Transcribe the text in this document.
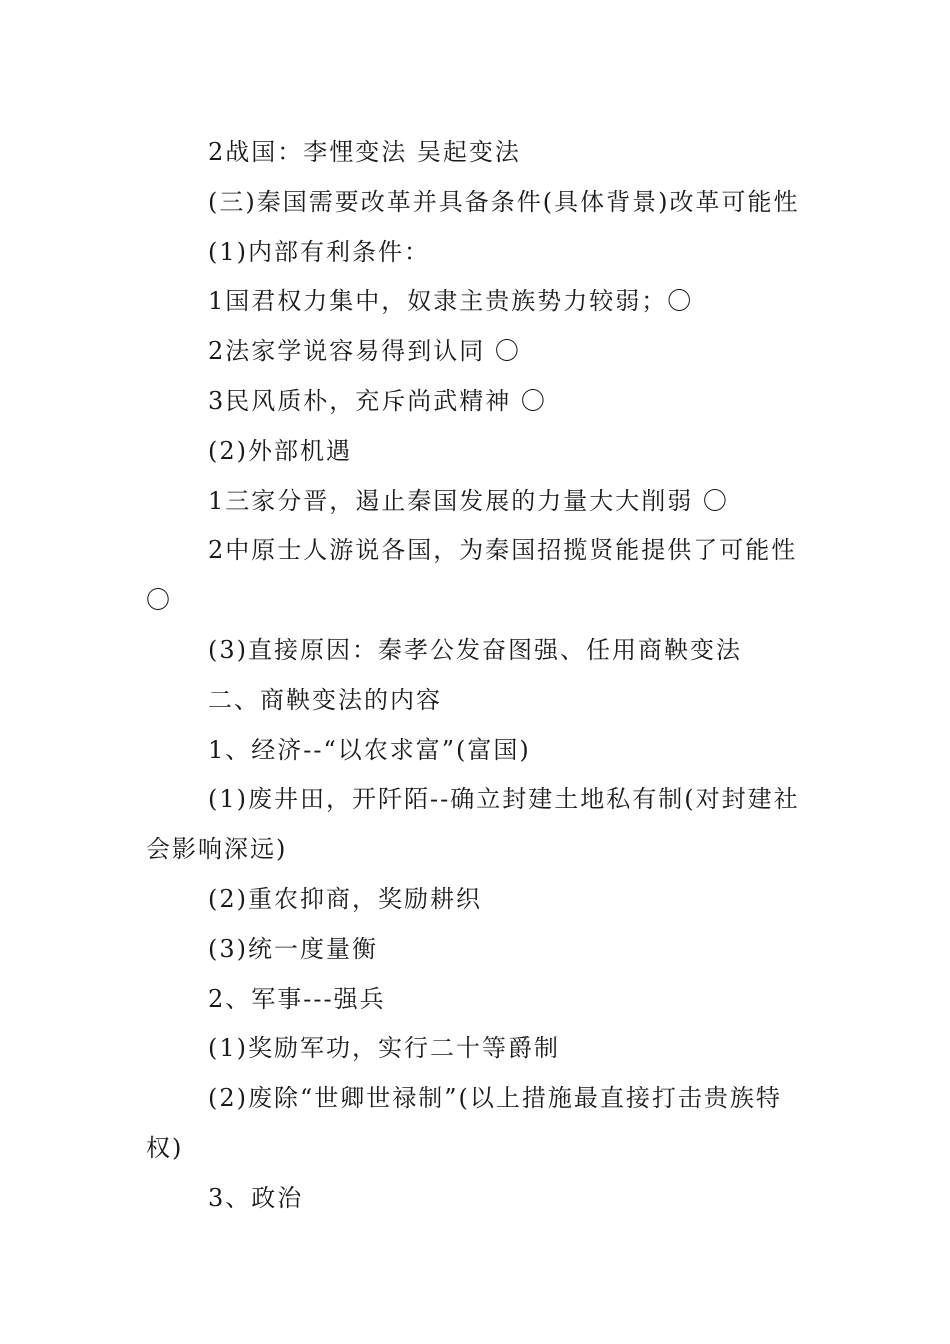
2战国：李悝变法 吴起变法

(三)秦国需要改革并具备条件(具体背景)改革可能性

(1)内部有利条件：

1国君权力集中，奴隶主贵族势力较弱；〇

2法家学说容易得到认同 〇

3民风质朴，充斥尚武精神 〇

(2)外部机遇

1三家分晋，遏止秦国发展的力量大大削弱 〇

2中原士人游说各国，为秦国招揽贤能提供了可能性〇

(3)直接原因：秦孝公发奋图强、任用商鞅变法

二、商鞅变法的内容

1、经济--“以农求富”(富国)

(1)废井田，开阡陌--确立封建土地私有制(对封建社会影响深远)

(2)重农抑商，奖励耕织

(3)统一度量衡

2、军事---强兵

(1)奖励军功，实行二十等爵制

(2)废除“世卿世禄制”(以上措施最直接打击贵族特权)

3、政治
